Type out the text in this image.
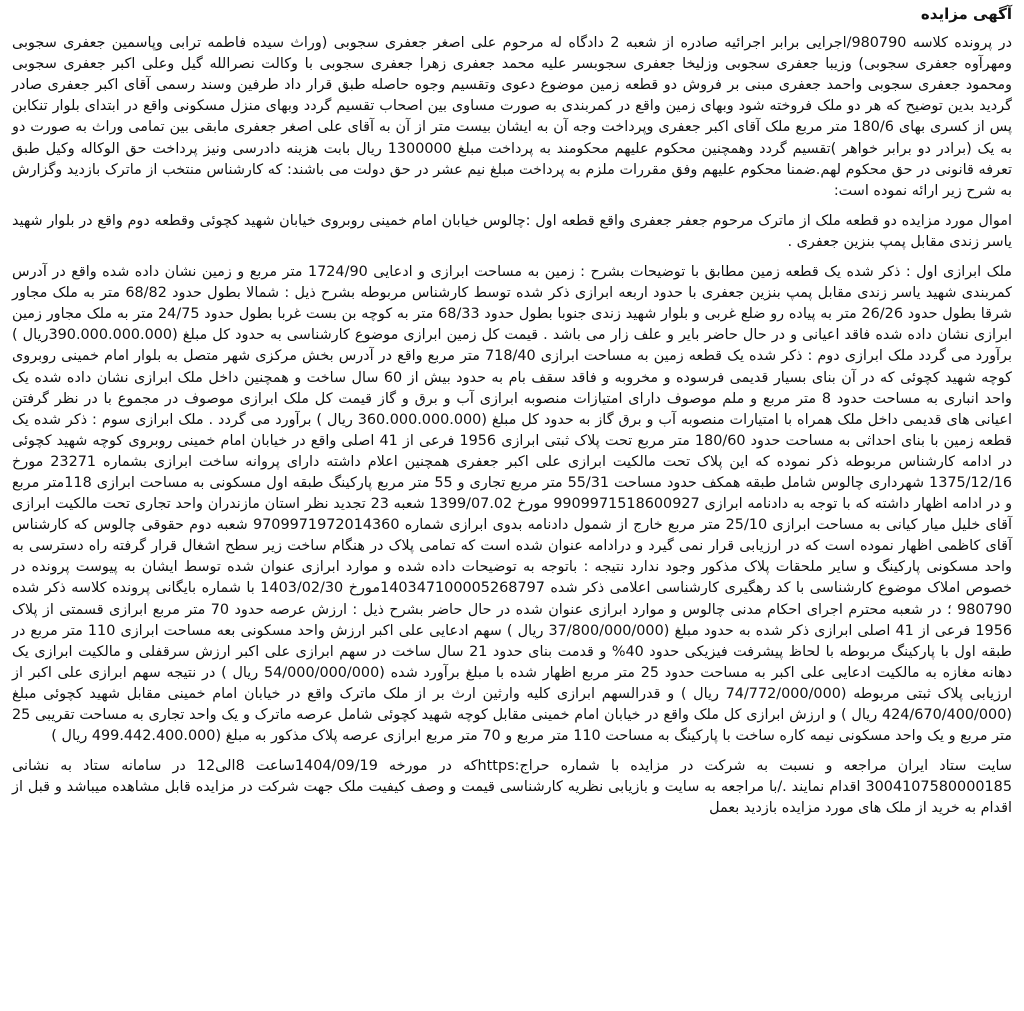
آگهی مزایده

در پرونده کلاسه 980790/اجرایی برابر اجرائیه صادره از شعبه 2 دادگاه له مرحوم علی اصغر جعفری سجوبی (وراث سیده فاطمه ترابی وپاسمین جعفری سجوبی ومهرآوه جعفری سجوبی) وزیبا جعفری سجوبی وزلیخا جعفری سجوبسر علیه محمد جعفری زهرا جعفری سجوبی با وکالت نصرالله گیل وعلی اکبر جعفری سجوبی ومحمود جعفری سجوبی واحمد جعفری مبنی بر فروش دو قطعه زمین موضوع دعوی وتقسیم وجوه حاصله طبق قرار داد طرفین وسند رسمی آقای اکبر جعفری صادر گردید بدین توضیح که هر دو ملک فروخته شود وبهای زمین واقع در کمربندی به صورت مساوی بین اصحاب تقسیم گردد وبهای منزل مسکونی واقع در ابتدای بلوار تنکابن پس از کسری بهای 180/6 متر مربع ملک آقای اکبر جعفری وپرداخت وجه آن به ایشان بیست متر از آن به آقای علی اصغر جعفری مابقی بین تمامی وراث به صورت دو به یک (برادر دو برابر خواهر )تقسیم گردد وهمچنین محکوم علیهم محکومند به پرداخت مبلغ 1300000 ریال بابت هزینه دادرسی ونیز پرداخت حق الوکاله وکیل طبق تعرفه قانونی در حق محکوم لهم.ضمنا محکوم علیهم وفق مقررات ملزم به پرداخت مبلغ نیم عشر در حق دولت می باشند: که کارشناس منتخب از ماترک بازدید وگزارش به شرح زیر ارائه نموده است:

اموال مورد مزایده دو قطعه ملک از ماترک مرحوم جعفر جعفری واقع قطعه اول :چالوس خیابان امام خمینی روبروی خیابان شهید کچوئی وقطعه دوم واقع در بلوار شهید یاسر زندی مقابل پمپ بنزین جعفری .

ملک ابرازی اول : ذکر شده یک قطعه زمین مطابق با توضیحات بشرح : زمین به مساحت ابرازی و ادعایی 1724/90 متر مربع و زمین نشان داده شده واقع در آدرس کمربندی شهید یاسر زندی مقابل پمپ بنزین جعفری با حدود اربعه ابرازی ذکر شده توسط کارشناس مربوطه بشرح ذیل : شمالا بطول حدود 68/82 متر به ملک مجاور شرقا بطول حدود 26/26 متر به پیاده رو ضلع غربی و بلوار شهید زندی جنوبا بطول حدود 68/33 متر به کوچه بن بست غربا بطول حدود 24/75 متر به ملک مجاور زمین ابرازی نشان داده شده فاقد اعیانی و در حال حاضر بایر و علف زار می باشد . قیمت کل زمین ابرازی موضوع کارشناسی به حدود کل مبلغ (390.000.000.000ریال ) برآورد می گردد ملک ابرازی دوم : ذکر شده یک قطعه زمین به مساحت ابرازی 718/40 متر مربع واقع در آدرس بخش مرکزی شهر متصل به بلوار امام خمینی روبروی کوچه شهید کچوئی که در آن بنای بسیار قدیمی فرسوده و مخروبه و فاقد سقف بام به حدود بیش از 60 سال ساخت و همچنین داخل ملک ابرازی نشان داده شده یک واحد انباری به مساحت حدود 8 متر مربع و ملم موصوف دارای امتیازات منصوبه ابرازی آب و برق و گاز قیمت کل ملک ابرازی موصوف در مجموع با در نظر گرفتن اعیانی های قدیمی داخل ملک همراه با امتیارات منصوبه آب و برق گاز به حدود کل مبلغ (360.000.000.000 ریال ) برآورد می گردد . ملک ابرازی سوم : ذکر شده یک قطعه زمین با بنای احداثی به مساحت حدود 180/60 متر مربع تحت پلاک ثبتی ابرازی 1956 فرعی از 41 اصلی واقع در خیابان امام خمینی روبروی کوچه شهید کچوئی در ادامه کارشناس مربوطه ذکر نموده که این پلاک تحت مالکیت ابرازی علی اکبر جعفری همچنین اعلام داشته دارای پروانه ساخت ابرازی بشماره 23271 مورخ 1375/12/16 شهرداری چالوس شامل طبقه همکف حدود مساحت 55/31 متر مربع تجاری و 55 متر مربع پارکینگ طبقه اول مسکونی به مساحت ابرازی 118متر مربع و در ادامه اظهار داشته که با توجه به دادنامه ابرازی 9909971518600927 مورخ 1399/07.02 شعبه 23 تجدید نظر استان مازندران واحد تجاری تحت مالکیت ابرازی آقای خلیل میار کیانی به مساحت ابرازی 25/10 متر مربع خارج از شمول دادنامه بدوی ابرازی شماره 9709971972014360 شعبه دوم حقوقی چالوس که کارشناس آقای کاظمی اظهار نموده است که در ارزیابی قرار نمی گیرد و درادامه عنوان شده است که تمامی پلاک در هنگام ساخت زیر سطح اشغال قرار گرفته راه دسترسی به واحد مسکونی پارکینگ و سایر ملحقات پلاک مذکور وجود ندارد نتیجه : باتوجه به توضیحات داده شده و موارد ابرازی عنوان شده توسط ایشان به پیوست پرونده در خصوص املاک موضوع کارشناسی با کد رهگیری کارشناسی اعلامی ذکر شده 140347100005268797مورخ 1403/02/30 با شماره بایگانی پرونده کلاسه ذکر شده 980790 ؛ در شعبه محترم اجرای احکام مدنی چالوس و موارد ابرازی عنوان شده در حال حاضر بشرح ذیل : ارزش عرصه حدود 70 متر مربع ابرازی قسمتی از پلاک 1956 فرعی از 41 اصلی ابرازی ذکر شده به حدود مبلغ (37/800/000/000 ریال ) سهم ادعایی علی اکبر ارزش واحد مسکونی بعه مساحت ابرازی 110 متر مربع در طبقه اول با پارکینگ مربوطه با لحاظ پیشرفت فیزیکی حدود 40% و قدمت بنای حدود 21 سال ساخت در سهم ابرازی علی اکبر ارزش سرقفلی و مالکیت ابرازی یک دهانه مغازه به مالکیت ادعایی علی اکبر به مساحت حدود 25 متر مربع اظهار شده با مبلغ برآورد شده (54/000/000/000 ریال ) در نتیجه سهم ابرازی علی اکبر از ارزیابی پلاک ثبتی مربوطه (74/772/000/000 ریال ) و قدرالسهم ابرازی کلیه وارثین ارث بر از ملک ماترک واقع در خیابان امام خمینی مقابل شهید کچوئی مبلغ (424/670/400/000 ریال ) و ارزش ابرازی کل ملک واقع در خیابان امام خمینی مقابل کوچه شهید کچوئی شامل عرصه ماترک و یک واحد تجاری به مساحت تقریبی 25 متر مربع و یک واحد مسکونی نیمه کاره ساخت با پارکینگ به مساحت 110 متر مربع و 70 متر مربع ابرازی عرصه پلاک مذکور به مبلغ (499.442.400.000 ریال )

سایت ستاد ایران مراجعه و نسبت به شرکت در مزایده با شماره حراج:httpsکه در مورخه 1404/09/19ساعت 8الی12 در سامانه ستاد به نشانی 3004107580000185 اقدام نمایند ./با مراجعه به سایت و بازیابی نظریه کارشناسی قیمت و وصف کیفیت ملک جهت شرکت در مزایده قابل مشاهده میباشد و قبل از اقدام به خرید از ملک های مورد مزایده بازدید بعمل
